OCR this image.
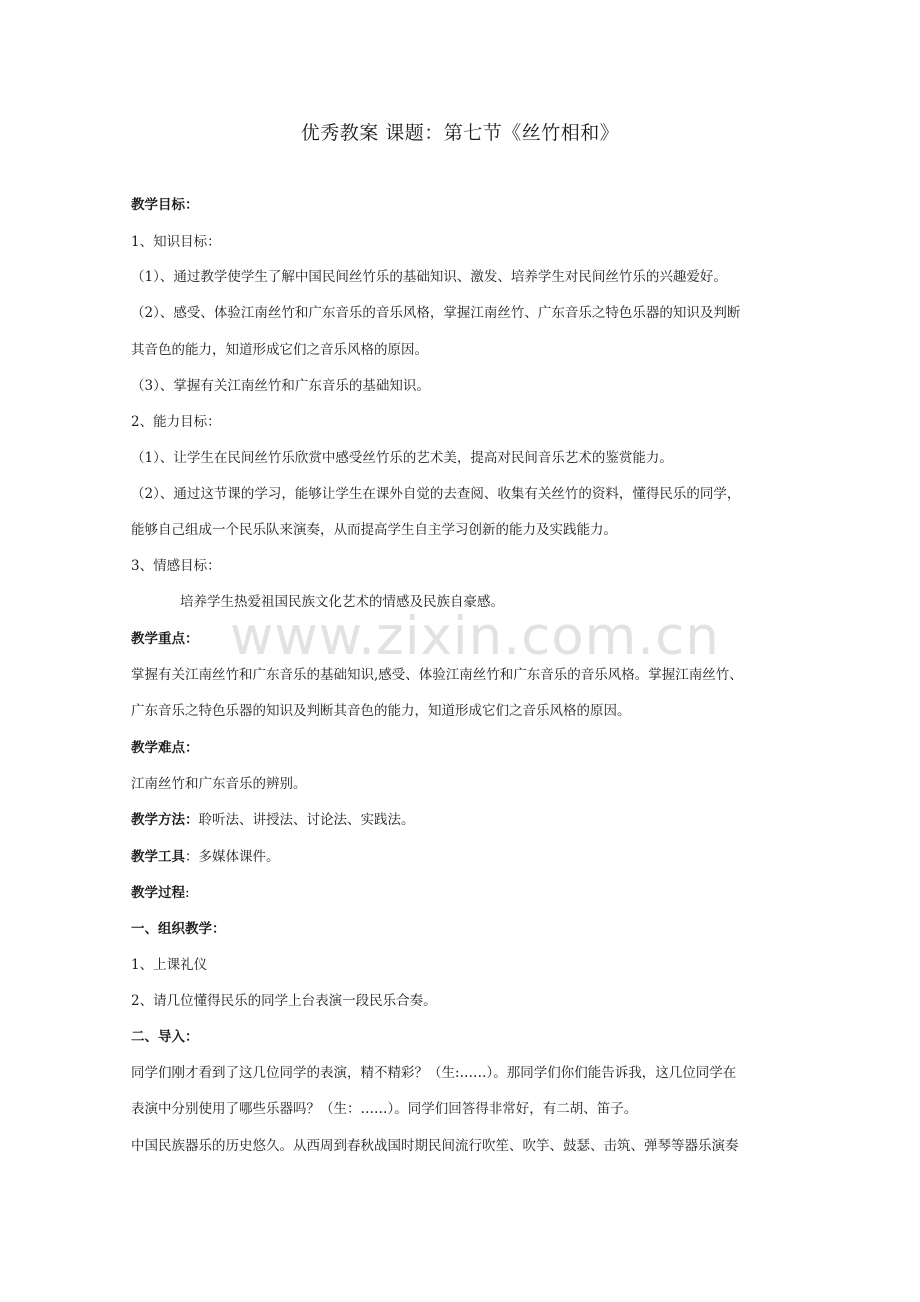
www.zixin.com.cn
优秀教案 课题：第七节《丝竹相和》
教学目标：
1、知识目标：
（1）、通过教学使学生了解中国民间丝竹乐的基础知识、激发、培养学生对民间丝竹乐的兴趣爱好。
（2）、感受、体验江南丝竹和广东音乐的音乐风格，掌握江南丝竹、广东音乐之特色乐器的知识及判断
其音色的能力，知道形成它们之音乐风格的原因。
（3）、掌握有关江南丝竹和广东音乐的基础知识。
2、能力目标：
（1）、让学生在民间丝竹乐欣赏中感受丝竹乐的艺术美，提高对民间音乐艺术的鉴赏能力。
（2）、通过这节课的学习，能够让学生在课外自觉的去查阅、收集有关丝竹的资料，懂得民乐的同学，
能够自己组成一个民乐队来演奏，从而提高学生自主学习创新的能力及实践能力。
3、情感目标：
培养学生热爱祖国民族文化艺术的情感及民族自豪感。
教学重点：
掌握有关江南丝竹和广东音乐的基础知识,感受、体验江南丝竹和广东音乐的音乐风格。掌握江南丝竹、
广东音乐之特色乐器的知识及判断其音色的能力，知道形成它们之音乐风格的原因。
教学难点：
江南丝竹和广东音乐的辨别。
教学方法：聆听法、讲授法、讨论法、实践法。
教学工具：多媒体课件。
教学过程:
一、组织教学：
1、上课礼仪
2、请几位懂得民乐的同学上台表演一段民乐合奏。
二、导入：
同学们刚才看到了这几位同学的表演，精不精彩？（生:……）。那同学们你们能告诉我，这几位同学在
表演中分别使用了哪些乐器吗？（生：……）。同学们回答得非常好，有二胡、笛子。
中国民族器乐的历史悠久。从西周到春秋战国时期民间流行吹笙、吹竽、鼓瑟、击筑、弹琴等器乐演奏
